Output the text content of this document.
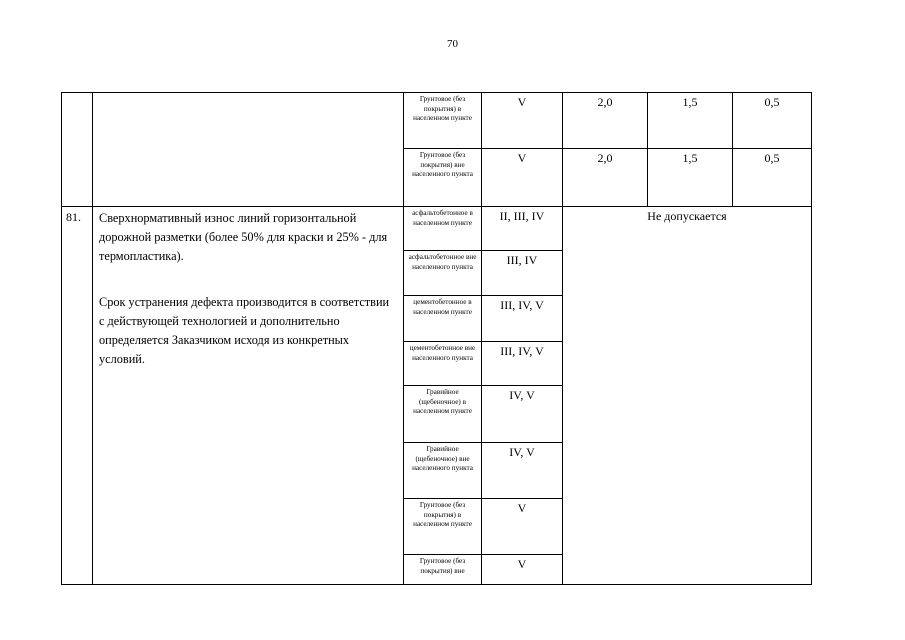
70
		Грунтовое (без покрытия) в населенном пункте	V	2,0	1,5	0,5
		Грунтовое (без покрытия) вне населенного пункта	V	2,0	1,5	0,5
81.	Сверхнормативный износ линий горизонтальной дорожной разметки (более 50% для краски и 25% - для термопластика).

Срок устранения дефекта производится в соответствии с действующей технологией и дополнительно определяется Заказчиком исходя из конкретных условий.	асфальтобетонное в населенном пункте	II, III, IV	Не допускается		
		асфальтобетонное вне населенного пункта	III, IV			
		цементобетонное в населенном пункте	III, IV, V			
		цементобетонное вне населенного пункта	III, IV, V			
		Гравийное (щебеночное) в населенном пункте	IV, V			
		Гравийное (щебеночное) вне населенного пункта	IV, V			
		Грунтовое (без покрытия) в населенном пункте	V			
		Грунтовое (без покрытия) вне	V			
